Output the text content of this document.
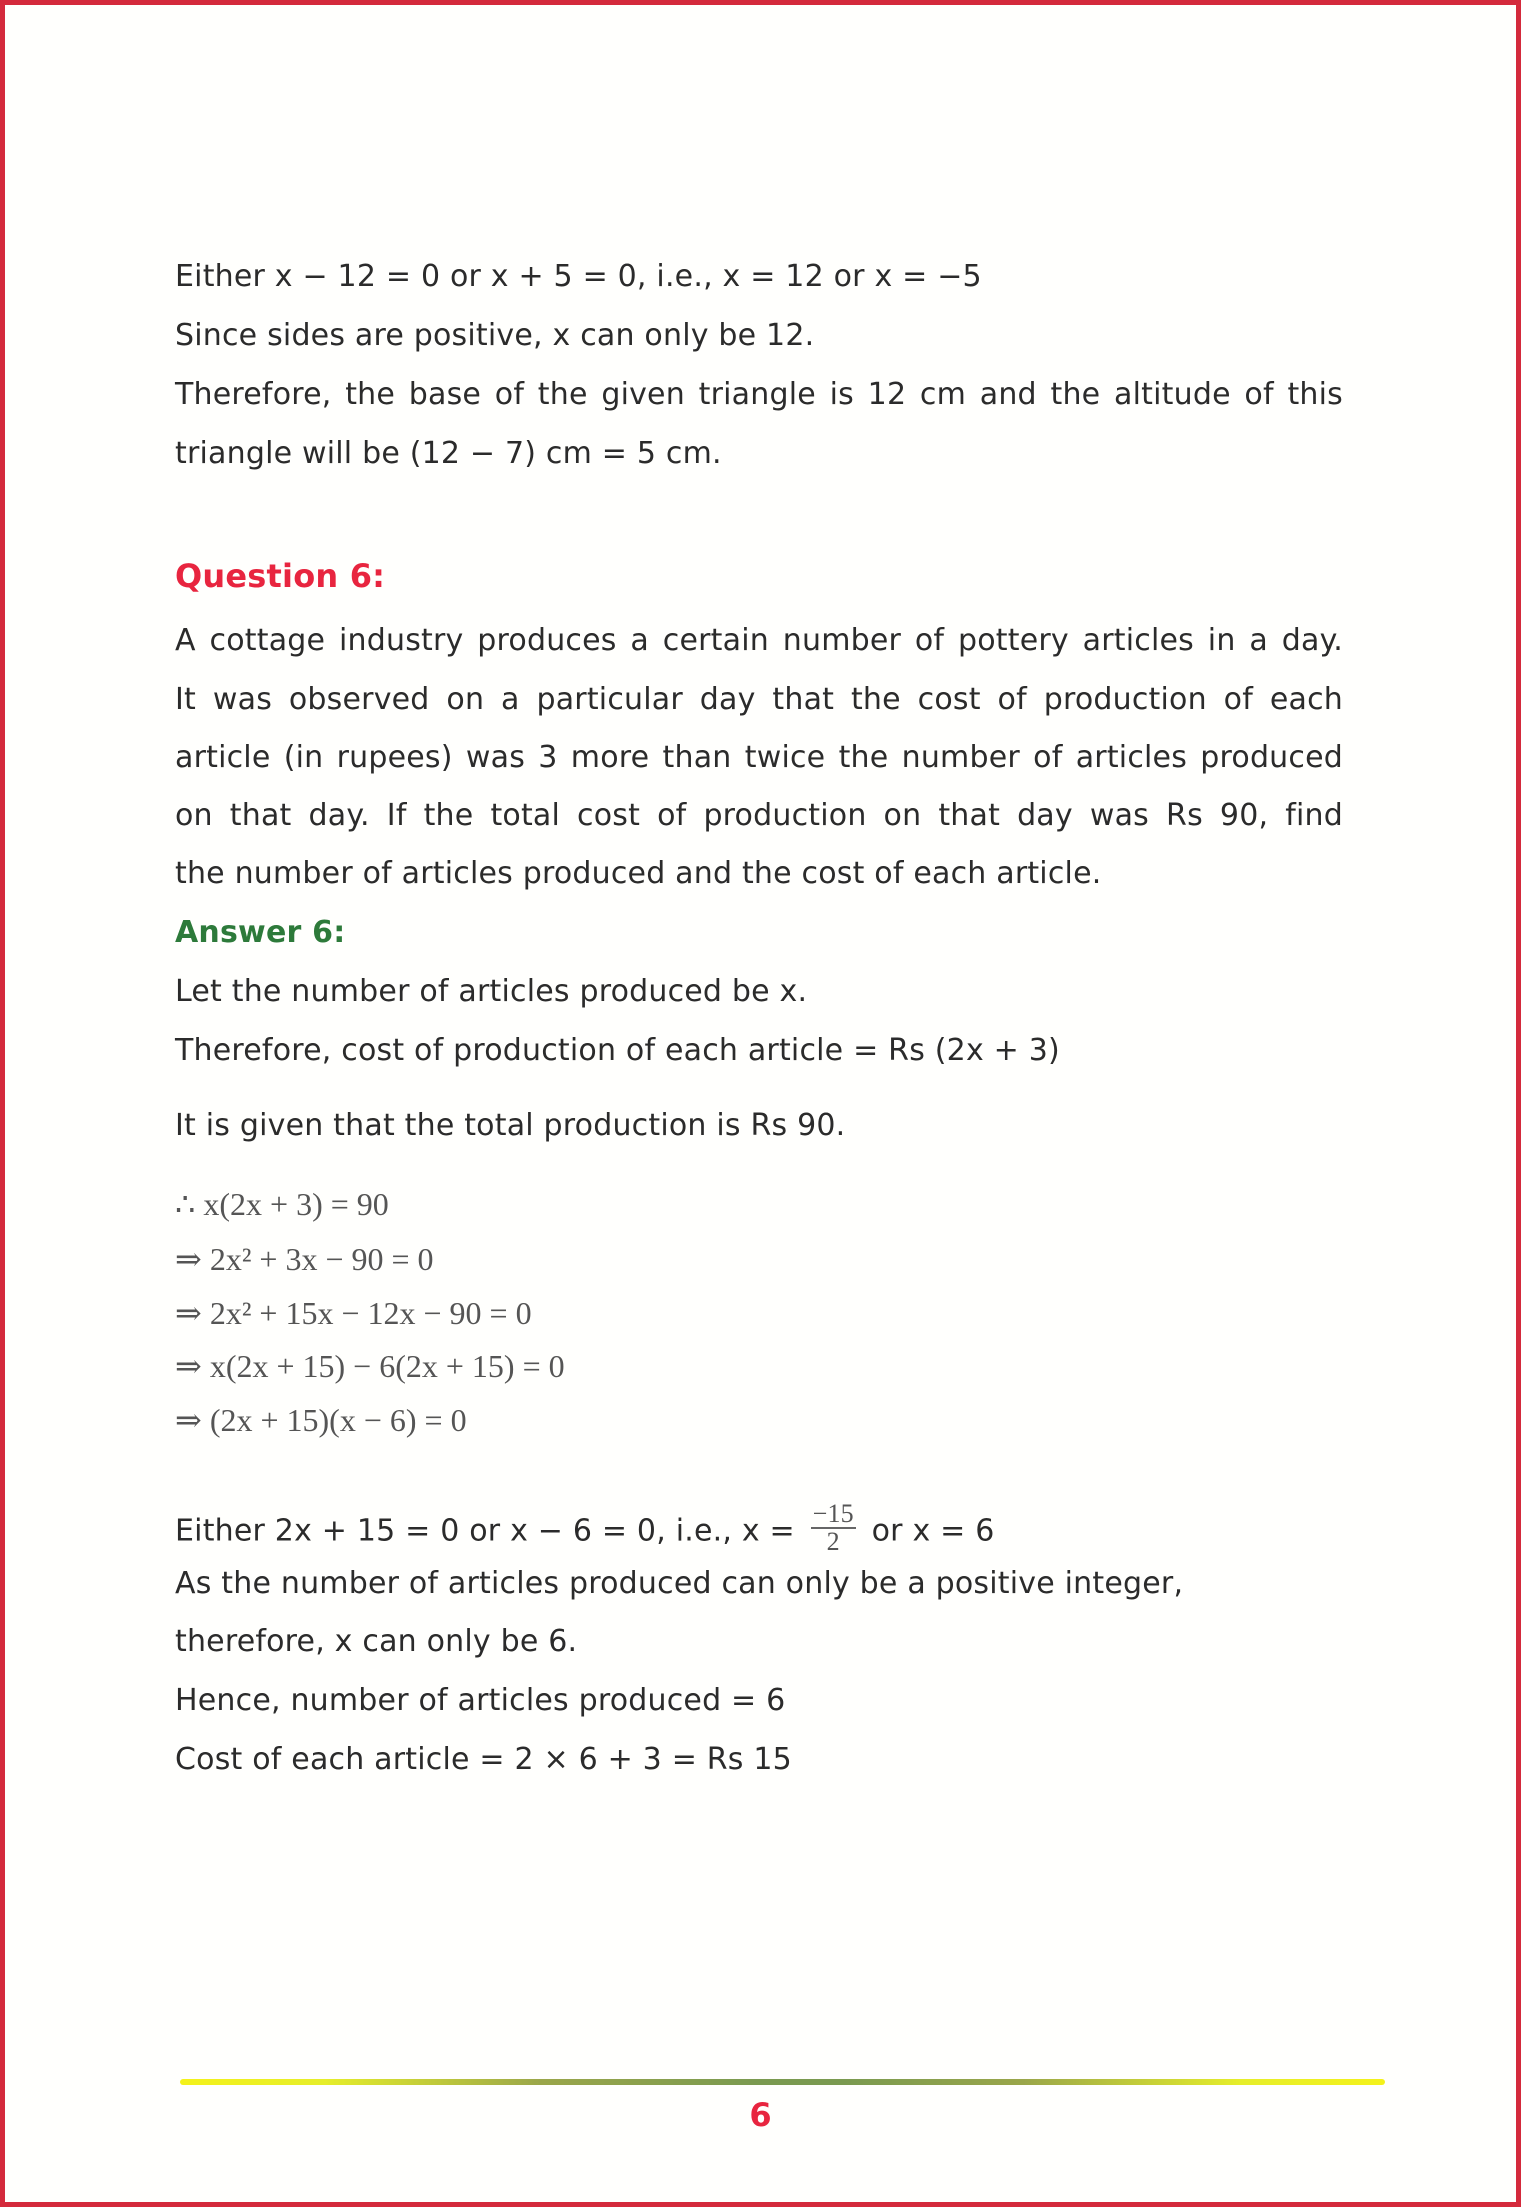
Either x − 12 = 0 or x + 5 = 0, i.e., x = 12 or x = −5
Since sides are positive, x can only be 12.
Therefore, the base of the given triangle is 12 cm and the altitude of this
triangle will be (12 − 7) cm = 5 cm.
Question 6:
A cottage industry produces a certain number of pottery articles in a day.
It was observed on a particular day that the cost of production of each
article (in rupees) was 3 more than twice the number of articles produced
on that day. If the total cost of production on that day was Rs 90, find
the number of articles produced and the cost of each article.
Answer 6:
Let the number of articles produced be x.
Therefore, cost of production of each article = Rs (2x + 3)
It is given that the total production is Rs 90.
∴ x(2x + 3) = 90
⇒ 2x² + 3x − 90 = 0
⇒ 2x² + 15x − 12x − 90 = 0
⇒ x(2x + 15) − 6(2x + 15) = 0
⇒ (2x + 15)(x − 6) = 0
Either 2x + 15 = 0 or x − 6 = 0, i.e., $x = \frac{-15}{2}$ or x = 6
As the number of articles produced can only be a positive integer,
therefore, x can only be 6.
Hence, number of articles produced = 6
Cost of each article = 2 × 6 + 3 = Rs 15
6
